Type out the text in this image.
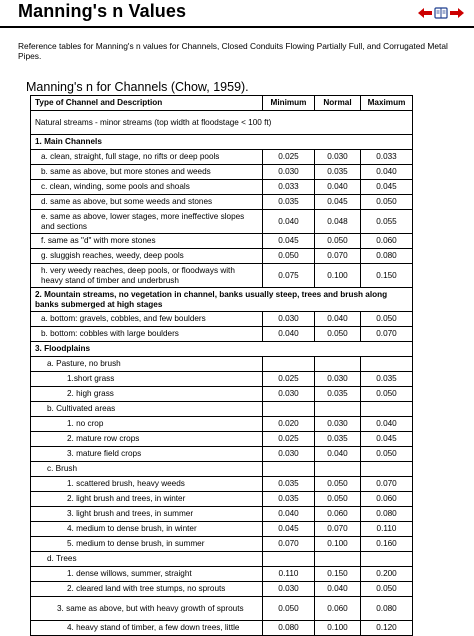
Manning's n Values
Reference tables for Manning's n values for Channels, Closed Conduits Flowing Partially Full, and Corrugated Metal Pipes.
Manning's n for Channels (Chow, 1959).
Type of Channel and Description	Minimum	Normal	Maximum
Natural streams - minor streams (top width at floodstage < 100 ft)			
1. Main Channels			
a. clean, straight, full stage, no rifts or deep pools	0.025	0.030	0.033
b. same as above, but more stones and weeds	0.030	0.035	0.040
c. clean, winding, some pools and shoals	0.033	0.040	0.045
d. same as above, but some weeds and stones	0.035	0.045	0.050
e. same as above, lower stages, more ineffective slopes and sections	0.040	0.048	0.055
f. same as "d" with more stones	0.045	0.050	0.060
g. sluggish reaches, weedy, deep pools	0.050	0.070	0.080
h. very weedy reaches, deep pools, or floodways with heavy stand of timber and underbrush	0.075	0.100	0.150
2. Mountain streams, no vegetation in channel, banks usually steep, trees and brush along banks submerged at high stages			
a. bottom: gravels, cobbles, and few boulders	0.030	0.040	0.050
b. bottom: cobbles with large boulders	0.040	0.050	0.070
3. Floodplains			
a. Pasture, no brush			
1.short grass	0.025	0.030	0.035
2. high grass	0.030	0.035	0.050
b. Cultivated areas			
1. no crop	0.020	0.030	0.040
2. mature row crops	0.025	0.035	0.045
3. mature field crops	0.030	0.040	0.050
c. Brush			
1. scattered brush, heavy weeds	0.035	0.050	0.070
2. light brush and trees, in winter	0.035	0.050	0.060
3. light brush and trees, in summer	0.040	0.060	0.080
4. medium to dense brush, in winter	0.045	0.070	0.110
5. medium to dense brush, in summer	0.070	0.100	0.160
d. Trees			
1. dense willows, summer, straight	0.110	0.150	0.200
2. cleared land with tree stumps, no sprouts	0.030	0.040	0.050
3. same as above, but with heavy growth of sprouts	0.050	0.060	0.080
4. heavy stand of timber, a few down trees, little	0.080	0.100	0.120
